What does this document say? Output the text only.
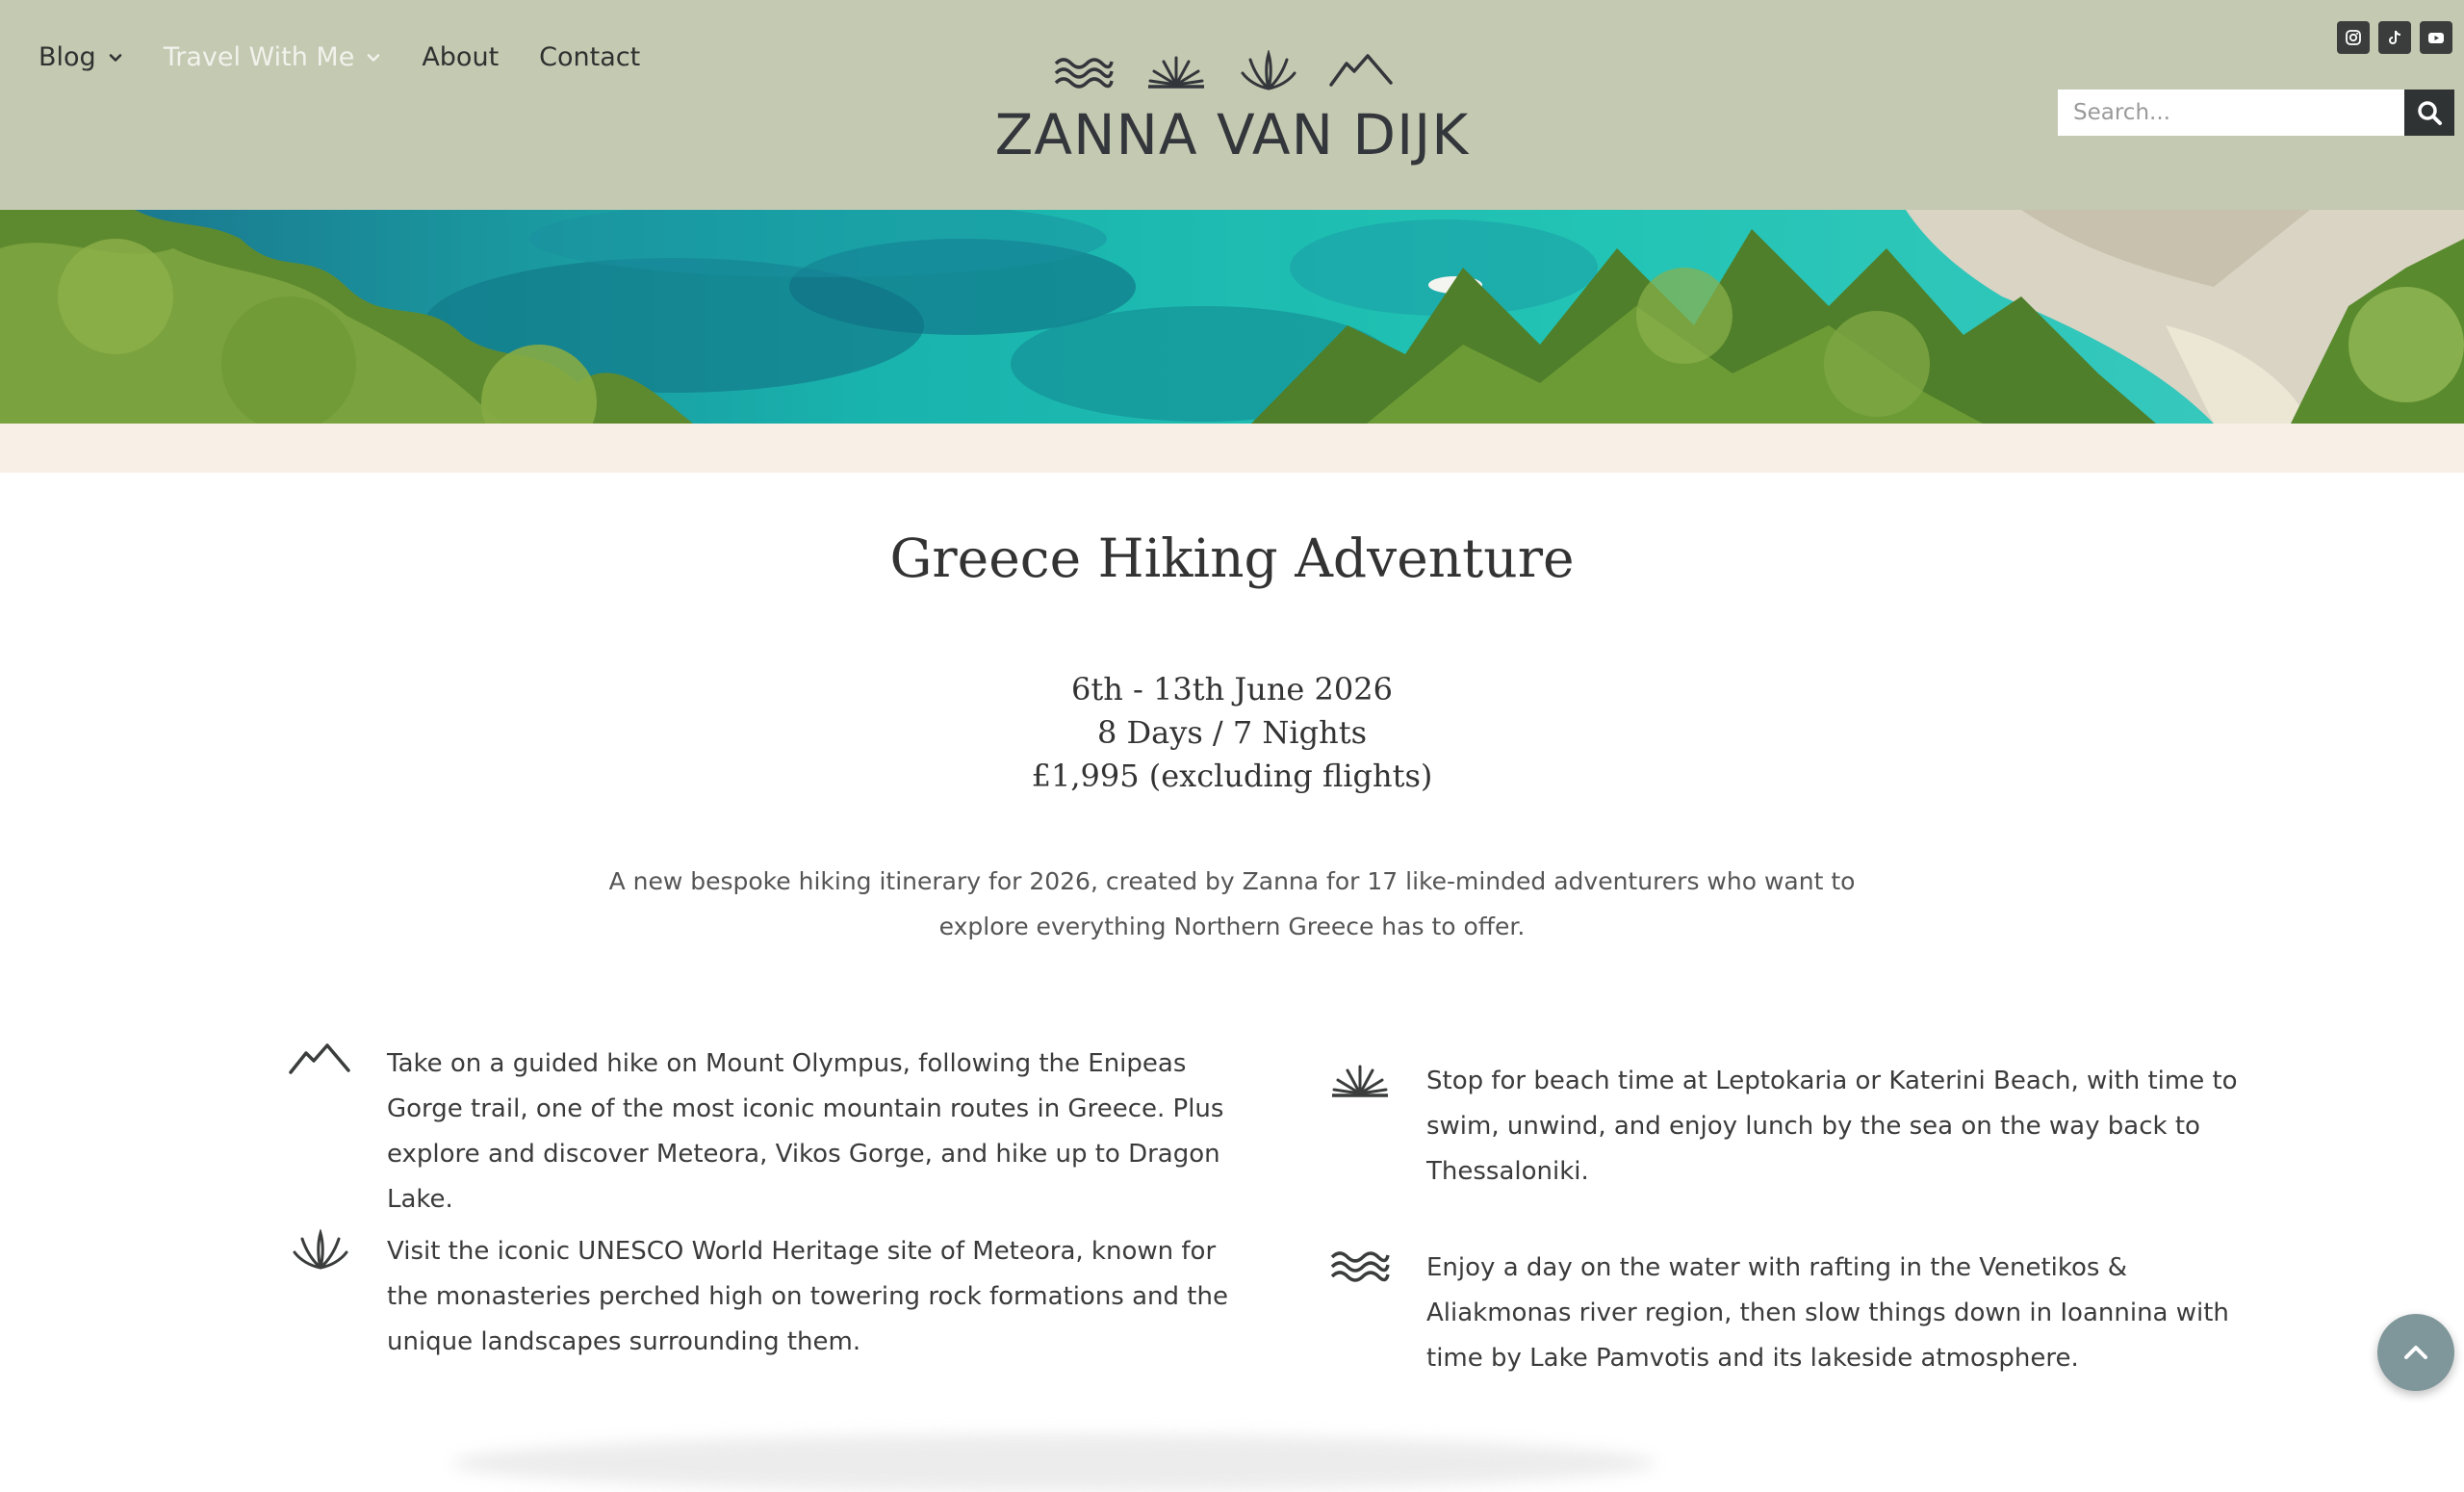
Blog	Travel With Me	About Contact
ZANNA VAN DIJK
Search...
Greece Hiking Adventure
6th - 13th June 2026
8 Days / 7 Nights
£1,995 (excluding flights)

A new bespoke hiking itinerary for 2026, created by Zanna for 17 like-minded adventurers who want to explore everything Northern Greece has to offer.

Take on a guided hike on Mount Olympus, following the Enipeas Gorge trail, one of the most iconic mountain routes in Greece. Plus explore and discover Meteora, Vikos Gorge, and hike up to Dragon Lake.
Visit the iconic UNESCO World Heritage site of Meteora, known for the monasteries perched high on towering rock formations and the unique landscapes surrounding them.
Stop for beach time at Leptokaria or Katerini Beach, with time to swim, unwind, and enjoy lunch by the sea on the way back to Thessaloniki.
Enjoy a day on the water with rafting in the Venetikos & Aliakmonas river region, then slow things down in Ioannina with time by Lake Pamvotis and its lakeside atmosphere.
